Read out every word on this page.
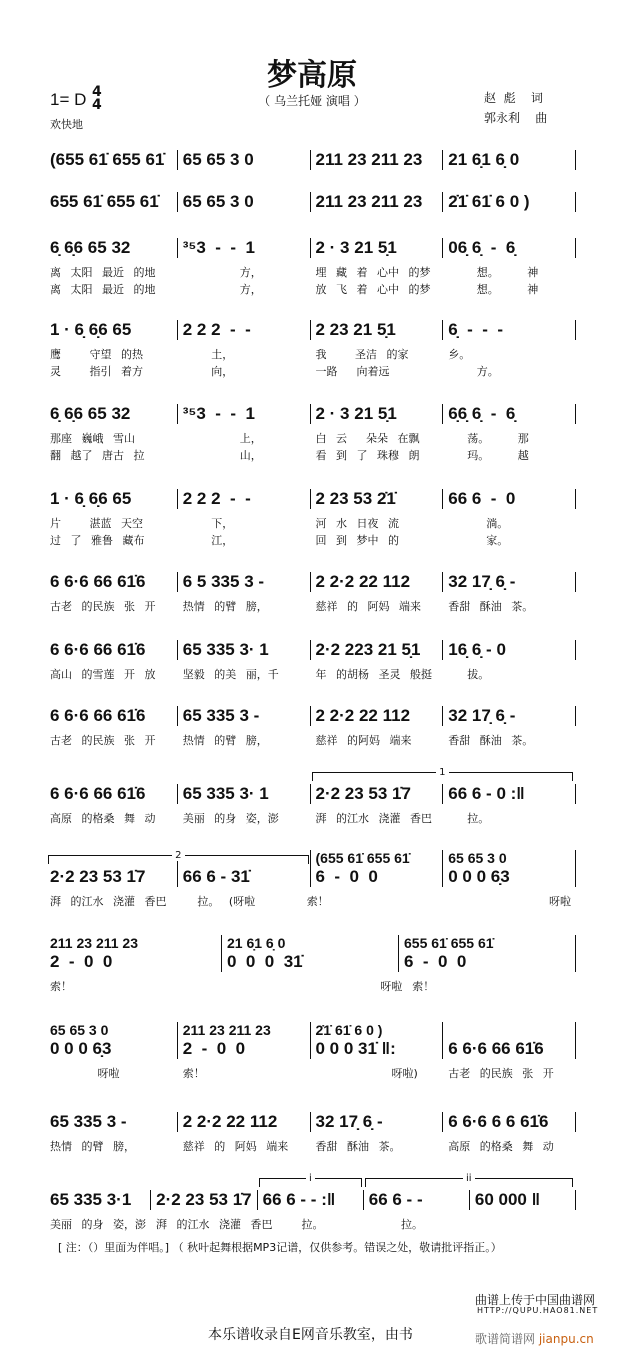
梦高原
（ 乌兰托娅 演唱 ）
1= D 4
4
欢快地
赵  彪    词
郭永利    曲
(655 61̇ 655 61̇	65 65 3 0	211 23 211 23	21 6̣1 6̣ 0
655 61̇ 655 61̇	65 65 3 0	211 23 211 23	2̇1̇ 61̇ 6 0 )
6̣ 6̣6 65 32	³⁵3  -  -  1	2 · 3 21 5̣1	06̣ 6̣  -  6̣
离 太阳 最近 的地	方，	埋 藏 着 心中 的梦	想。   神
离 太阳 最近 的地	方，	放 飞 着 心中 的梦	想。   神
1 · 6̣ 6̣6 65	2 2 2  -  -	2 23 21 5̣1	6̣  -  -  -
鹰   守望 的热	土，	我   圣洁 的家	乡。
灵   指引 着方	向，	一路  向着远	方。
6̣ 6̣6 65 32	³⁵3  -  -  1	2 · 3 21 5̣1	6̣6̣ 6̣  -  6̣
那座 巍峨 雪山	上，	白 云  朵朵 在飘	荡。   那
翻 越了 唐古 拉	山，	看 到 了 珠穆 朗	玛。   越
1 · 6̣ 6̣6 65	2 2 2  -  -	2 23 53 2̇1̇	66 6  -  0
片   湛蓝 天空	下，	河 水 日夜 流	淌。
过 了 雅鲁 藏布	江，	回 到 梦中 的	家。
6 6·6 66 61̇6	6 5 335 3 -	2 2·2 22 112	32 17̣ 6̣ -
古老 的民族 张 开	热情 的臂 膀，	慈祥 的 阿妈 端来	香甜 酥油 茶。
6 6·6 66 61̇6	65 335 3· 1	2·2 223 21 5̣1	16̣ 6̣ - 0
高山 的雪莲 开 放	坚毅 的美 丽，千	年 的胡杨 圣灵 般挺	拔。
6 6·6 66 61̇6	65 335 3 -	2 2·2 22 112	32 17̣ 6̣ -
古老 的民族 张 开	热情 的臂 膀，	慈祥 的阿妈 端来	香甜 酥油 茶。
6 6·6 66 61̇6	65 335 3· 1	2·2 23 53 1̇7	66 6 - 0 :‖
高原 的格桑 舞 动	美丽 的身 姿，澎	湃 的江水 浇灌 香巴	拉。
1
(655 61̇ 655 61̇	65 65 3 0
2·2 23 53 1̇7	66 6 - 31̇	6  -  0  0	0 0 0 6̣3
湃 的江水 浇灌 香巴	拉。 (呀啦	索！	呀啦
2
211 23 211 23	21 6̣1 6̣ 0	655 61̇ 655 61̇
2  -  0  0	0  0  0  31̇	6  -  0  0
索！	呀啦 索！
65 65 3 0	211 23 211 23	2̇1̇ 61̇ 6 0 )
0 0 0 6̣3	2  -  0  0	0 0 0 31̇ ‖:	6 6·6 66 61̇6
呀啦	索！	呀啦)	古老 的民族 张 开
65 335 3 -	2 2·2 22 112	32 17̣ 6̣ -	6 6·6 6 6 61̇6
热情 的臂 膀，	慈祥 的 阿妈 端来	香甜 酥油 茶。	高原 的格桑 舞 动
65 335 3·1	2·2 23 53 1̇7 66 6 - - :‖	66 6 - -	60 000 ‖
美丽 的身 姿，澎 湃 的江水 浇灌 香巴 拉。	拉。
i	ii
[ 注：（）里面为伴唱。] （ 秋叶起舞根据MP3记谱，仅供参考。错误之处，敬请批评指正。）
本乐谱收录自E网音乐教室，由书
曲谱上传于中国曲谱网
HTTP://QUPU.HAO81.NET
歌谱简谱网 jianpu.cn
